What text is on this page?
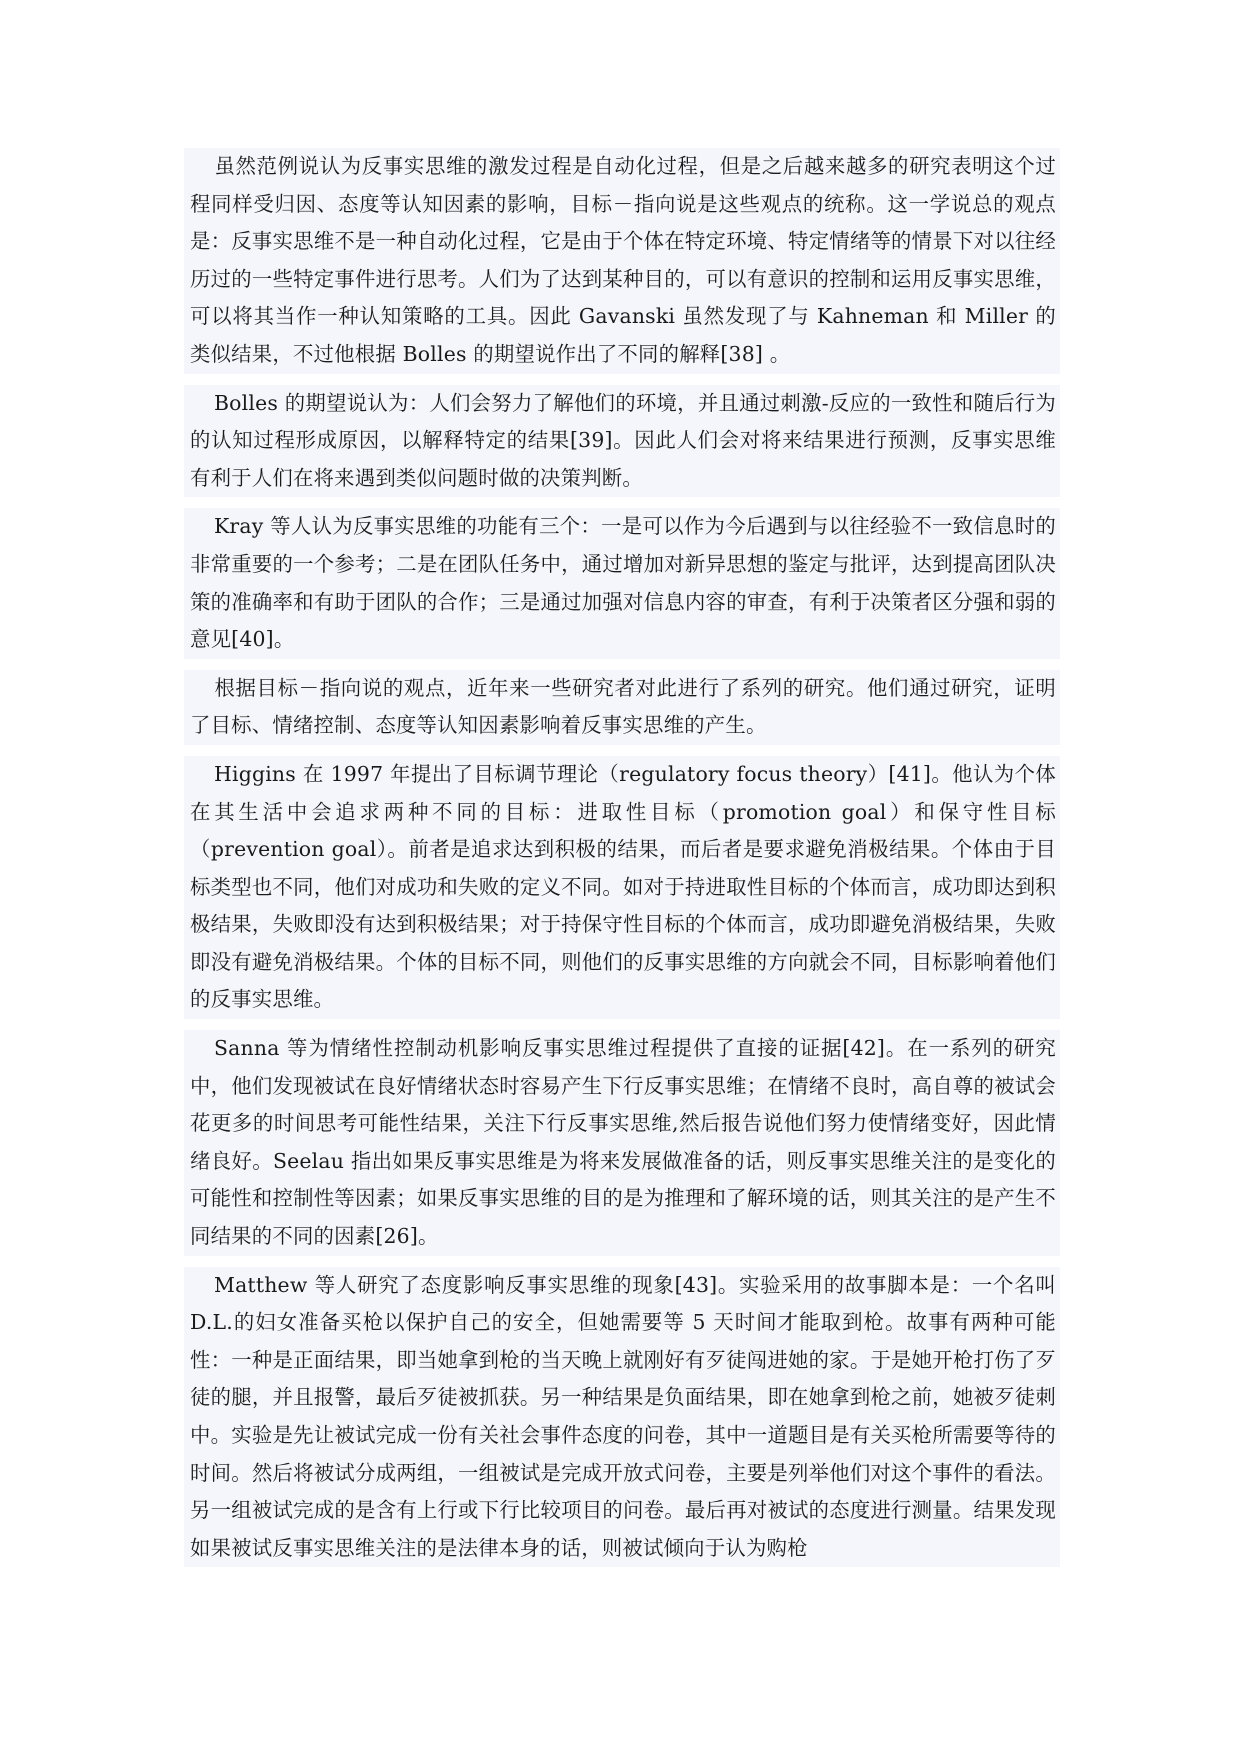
虽然范例说认为反事实思维的激发过程是自动化过程，但是之后越来越多的研究表明这个过程同样受归因、态度等认知因素的影响，目标－指向说是这些观点的统称。这一学说总的观点是：反事实思维不是一种自动化过程，它是由于个体在特定环境、特定情绪等的情景下对以往经历过的一些特定事件进行思考。人们为了达到某种目的，可以有意识的控制和运用反事实思维，可以将其当作一种认知策略的工具。因此 Gavanski 虽然发现了与 Kahneman 和 Miller 的类似结果，不过他根据 Bolles 的期望说作出了不同的解释[38] 。

Bolles 的期望说认为：人们会努力了解他们的环境，并且通过刺激-反应的一致性和随后行为的认知过程形成原因，以解释特定的结果[39]。因此人们会对将来结果进行预测，反事实思维有利于人们在将来遇到类似问题时做的决策判断。

Kray 等人认为反事实思维的功能有三个：一是可以作为今后遇到与以往经验不一致信息时的非常重要的一个参考；二是在团队任务中，通过增加对新异思想的鉴定与批评，达到提高团队决策的准确率和有助于团队的合作；三是通过加强对信息内容的审查，有利于决策者区分强和弱的意见[40]。

根据目标－指向说的观点，近年来一些研究者对此进行了系列的研究。他们通过研究，证明了目标、情绪控制、态度等认知因素影响着反事实思维的产生。

Higgins 在 1997 年提出了目标调节理论（regulatory focus theory）[41]。他认为个体在其生活中会追求两种不同的目标：进取性目标（promotion goal）和保守性目标（prevention goal）。前者是追求达到积极的结果，而后者是要求避免消极结果。个体由于目标类型也不同，他们对成功和失败的定义不同。如对于持进取性目标的个体而言，成功即达到积极结果，失败即没有达到积极结果；对于持保守性目标的个体而言，成功即避免消极结果，失败即没有避免消极结果。个体的目标不同，则他们的反事实思维的方向就会不同，目标影响着他们的反事实思维。

Sanna 等为情绪性控制动机影响反事实思维过程提供了直接的证据[42]。在一系列的研究中，他们发现被试在良好情绪状态时容易产生下行反事实思维；在情绪不良时，高自尊的被试会花更多的时间思考可能性结果，关注下行反事实思维,然后报告说他们努力使情绪变好，因此情绪良好。Seelau 指出如果反事实思维是为将来发展做准备的话，则反事实思维关注的是变化的可能性和控制性等因素；如果反事实思维的目的是为推理和了解环境的话，则其关注的是产生不同结果的不同的因素[26]。

Matthew 等人研究了态度影响反事实思维的现象[43]。实验采用的故事脚本是：一个名叫 D.L.的妇女准备买枪以保护自己的安全，但她需要等 5 天时间才能取到枪。故事有两种可能性：一种是正面结果，即当她拿到枪的当天晚上就刚好有歹徒闯进她的家。于是她开枪打伤了歹徒的腿，并且报警，最后歹徒被抓获。另一种结果是负面结果，即在她拿到枪之前，她被歹徒刺中。实验是先让被试完成一份有关社会事件态度的问卷，其中一道题目是有关买枪所需要等待的时间。然后将被试分成两组，一组被试是完成开放式问卷，主要是列举他们对这个事件的看法。另一组被试完成的是含有上行或下行比较项目的问卷。最后再对被试的态度进行测量。结果发现如果被试反事实思维关注的是法律本身的话，则被试倾向于认为购枪
